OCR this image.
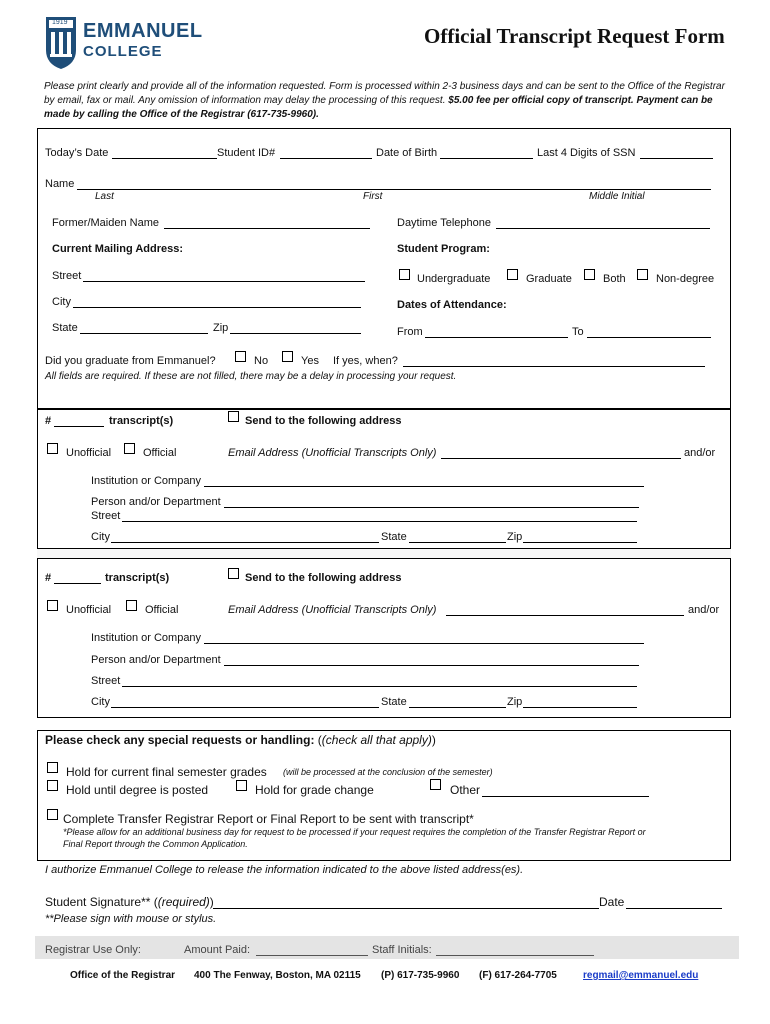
1919 EMMANUEL
COLLEGE
Official Transcript Request Form
Please print clearly and provide all of the information requested. Form is processed within 2-3 business days and can be sent to the Office of the Registrar
by email, fax or mail. Any omission of information may delay the processing of this request. $5.00 fee per official copy of transcript. Payment can be
made by calling the Office of the Registrar (617-735-9960).
Today’s Date	Student ID#	Date of Birth	Last 4 Digits of SSN
Name
Last	First	Middle Initial
Former/Maiden Name	Daytime Telephone
Current Mailing Address:	Student Program:
Street	Undergraduate	Graduate	Both	Non-degree
City	Dates of Attendance:
State	Zip	From	To
Did you graduate from Emmanuel?	No	Yes If yes, when?
All fields are required. If these are not filled, there may be a delay in processing your request.
#	transcript(s)	Send to the following address
Unofficial	Official	Email Address (Unofficial Transcripts Only)	and/or
Institution or Company
Person and/or Department
Street
City	State	Zip
#	transcript(s)	Send to the following address
Unofficial	Official	Email Address (Unofficial Transcripts Only)	and/or
Institution or Company
Person and/or Department
Street
City	State	Zip
Please check any special requests or handling: ((check all that apply))
Hold for current final semester grades (will be processed at the conclusion of the semester)
Hold until degree is posted	Hold for grade change	Other
Complete Transfer Registrar Report or Final Report to be sent with transcript*
*Please allow for an additional business day for request to be processed if your request requires the completion of the Transfer Registrar Report or
Final Report through the Common Application.
I authorize Emmanuel College to release the information indicated to the above listed address(es).
Student Signature** ((required))	Date
**Please sign with mouse or stylus.
Registrar Use Only:	Amount Paid:	Staff Initials:
Office of the Registrar 400 The Fenway, Boston, MA 02115 (P) 617-735-9960 (F) 617-264-7705	regmail@emmanuel.edu
